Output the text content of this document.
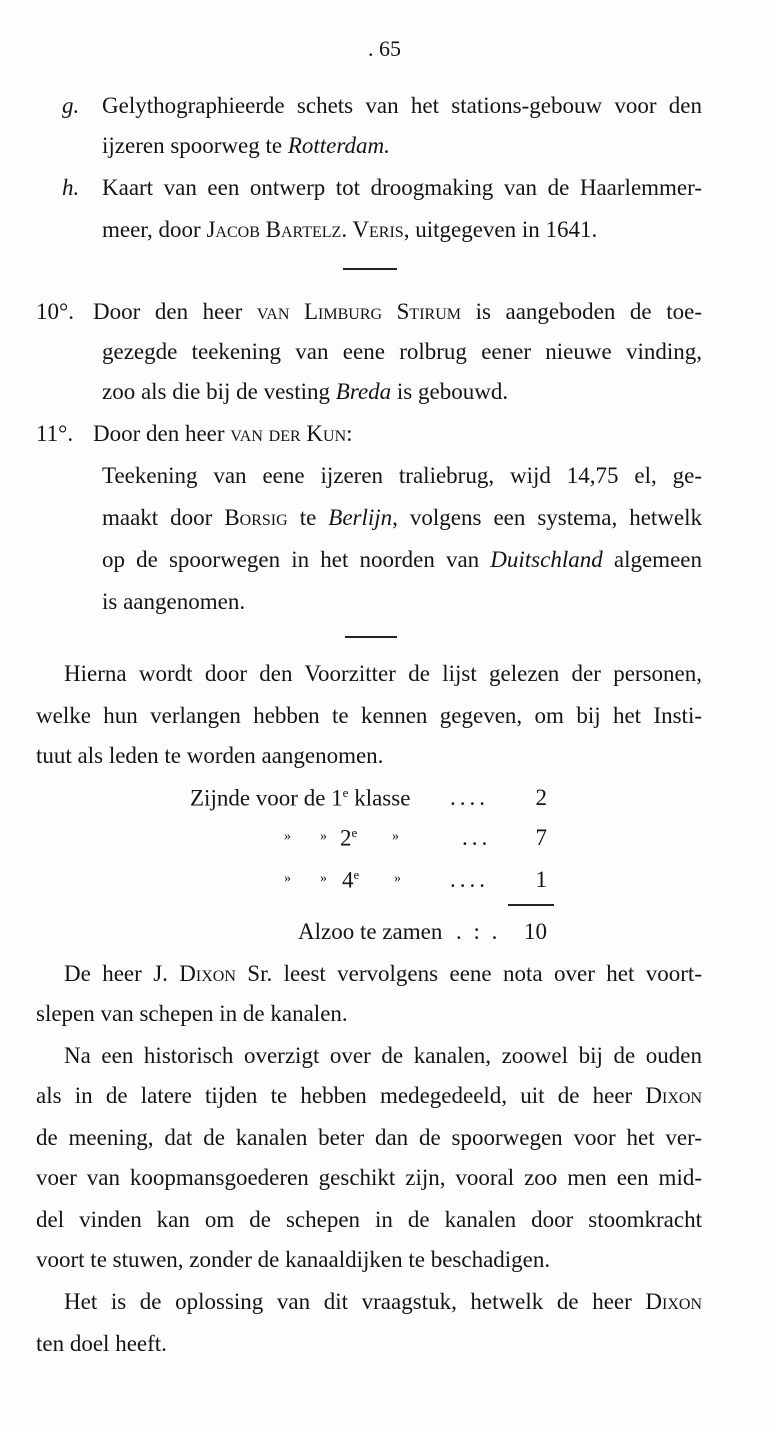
. 65
g. Gelythographieerde schets van het stations-gebouw voor den
ijzeren spoorweg te Rotterdam.
h. Kaart van een ontwerp tot droogmaking van de Haarlemmer-
meer, door Jacob Bartelz. Veris, uitgegeven in 1641.
10°. Door den heer van Limburg Stirum is aangeboden de toe-
gezegde teekening van eene rolbrug eener nieuwe vinding,
zoo als die bij de vesting Breda is gebouwd.
11°. Door den heer van der Kun:
Teekening van eene ijzeren traliebrug, wijd 14,75 el, ge-
maakt door Borsig te Berlijn, volgens een systema, hetwelk
op de spoorwegen in het noorden van Duitschland algemeen
is aangenomen.
Hierna wordt door den Voorzitter de lijst gelezen der personen,
welke hun verlangen hebben te kennen gegeven, om bij het Insti-
tuut als leden te worden aangenomen.
Zijnde voor de 1e klasse ....	2
» » 2e »	...	7
» » 4e » ....	1
Alzoo te zamen . : .	10
De heer J. Dixon Sr. leest vervolgens eene nota over het voort-
slepen van schepen in de kanalen.
Na een historisch overzigt over de kanalen, zoowel bij de ouden
als in de latere tijden te hebben medegedeeld, uit de heer Dixon
de meening, dat de kanalen beter dan de spoorwegen voor het ver-
voer van koopmansgoederen geschikt zijn, vooral zoo men een mid-
del vinden kan om de schepen in de kanalen door stoomkracht
voort te stuwen, zonder de kanaaldijken te beschadigen.
Het is de oplossing van dit vraagstuk, hetwelk de heer Dixon
ten doel heeft.
